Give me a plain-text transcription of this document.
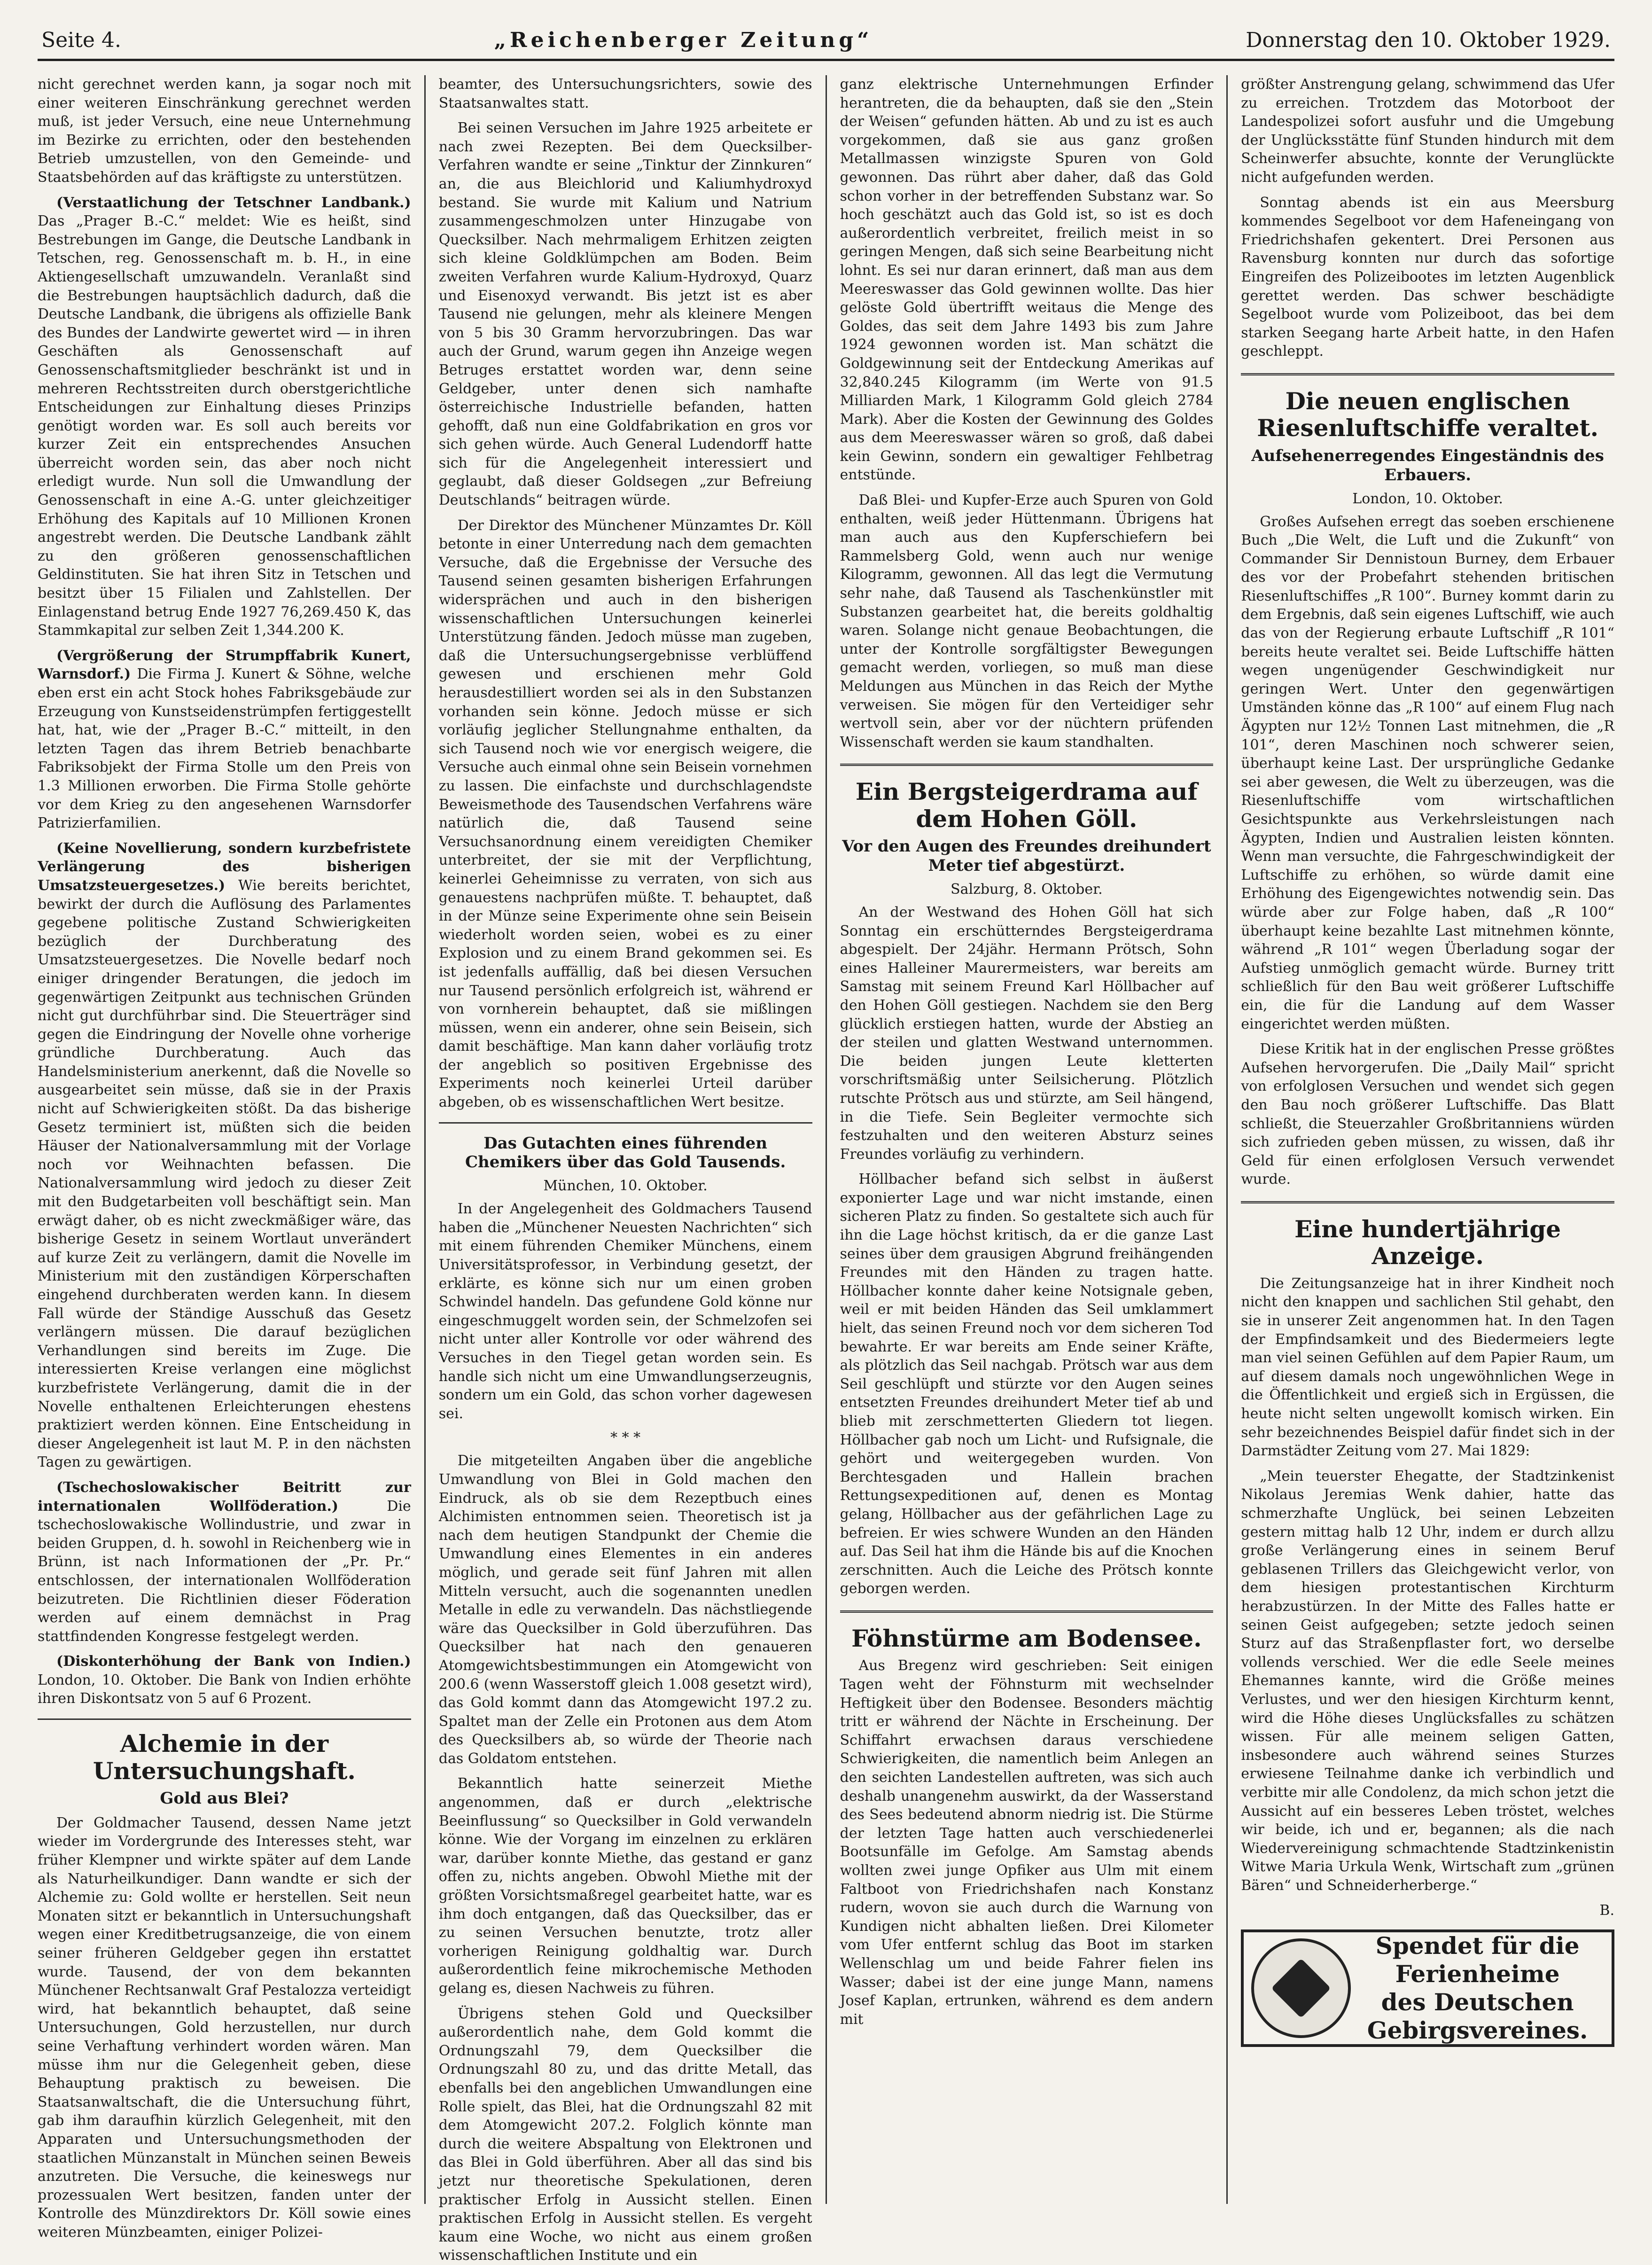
Seite 4.	„Reichenberger Zeitung“	Donnerstag den 10. Oktober 1929.

nicht gerechnet werden kann, ja sogar noch mit einer weiteren Einschränkung gerechnet werden muß, ist jeder Versuch, eine neue Unternehmung im Bezirke zu errichten, oder den bestehenden Betrieb umzustellen, von den Gemeinde- und Staatsbehörden auf das kräftigste zu unterstützen.

(Verstaatlichung der Tetschner Landbank.) Das „Prager B.-C.“ meldet: Wie es heißt, sind Bestrebungen im Gange, die Deutsche Landbank in Tetschen, reg. Genossenschaft m. b. H., in eine Aktiengesellschaft umzuwandeln. Veranlaßt sind die Bestrebungen hauptsächlich dadurch, daß die Deutsche Landbank, die übrigens als offizielle Bank des Bundes der Landwirte gewertet wird — in ihren Geschäften als Genossenschaft auf Genossenschaftsmitglieder beschränkt ist und in mehreren Rechtsstreiten durch oberstgerichtliche Entscheidungen zur Einhaltung dieses Prinzips genötigt worden war. Es soll auch bereits vor kurzer Zeit ein entsprechendes Ansuchen überreicht worden sein, das aber noch nicht erledigt wurde. Nun soll die Umwandlung der Genossenschaft in eine A.-G. unter gleichzeitiger Erhöhung des Kapitals auf 10 Millionen Kronen angestrebt werden. Die Deutsche Landbank zählt zu den größeren genossenschaftlichen Geldinstituten. Sie hat ihren Sitz in Tetschen und besitzt über 15 Filialen und Zahlstellen. Der Einlagenstand betrug Ende 1927 76,269.450 K, das Stammkapital zur selben Zeit 1,344.200 K.

(Vergrößerung der Strumpffabrik Kunert, Warnsdorf.) Die Firma J. Kunert & Söhne, welche eben erst ein acht Stock hohes Fabriksgebäude zur Erzeugung von Kunstseidenstrümpfen fertiggestellt hat, hat, wie der „Prager B.-C.“ mitteilt, in den letzten Tagen das ihrem Betrieb benachbarte Fabriksobjekt der Firma Stolle um den Preis von 1.3 Millionen erworben. Die Firma Stolle gehörte vor dem Krieg zu den angesehenen Warnsdorfer Patrizierfamilien.

(Keine Novellierung, sondern kurzbefristete Verlängerung des bisherigen Umsatzsteuergesetzes.) Wie bereits berichtet, bewirkt der durch die Auflösung des Parlamentes gegebene politische Zustand Schwierigkeiten bezüglich der Durchberatung des Umsatzsteuergesetzes. Die Novelle bedarf noch einiger dringender Beratungen, die jedoch im gegenwärtigen Zeitpunkt aus technischen Gründen nicht gut durchführbar sind. Die Steuerträger sind gegen die Eindringung der Novelle ohne vorherige gründliche Durchberatung. Auch das Handelsministerium anerkennt, daß die Novelle so ausgearbeitet sein müsse, daß sie in der Praxis nicht auf Schwierigkeiten stößt. Da das bisherige Gesetz terminiert ist, müßten sich die beiden Häuser der Nationalversammlung mit der Vorlage noch vor Weihnachten befassen. Die Nationalversammlung wird jedoch zu dieser Zeit mit den Budgetarbeiten voll beschäftigt sein. Man erwägt daher, ob es nicht zweckmäßiger wäre, das bisherige Gesetz in seinem Wortlaut unverändert auf kurze Zeit zu verlängern, damit die Novelle im Ministerium mit den zuständigen Körperschaften eingehend durchberaten werden kann. In diesem Fall würde der Ständige Ausschuß das Gesetz verlängern müssen. Die darauf bezüglichen Verhandlungen sind bereits im Zuge. Die interessierten Kreise verlangen eine möglichst kurzbefristete Verlängerung, damit die in der Novelle enthaltenen Erleichterungen ehestens praktiziert werden können. Eine Entscheidung in dieser Angelegenheit ist laut M. P. in den nächsten Tagen zu gewärtigen.

(Tschechoslowakischer Beitritt zur internationalen Wollföderation.)	Die tschechoslowakische Wollindustrie, und zwar in beiden Gruppen, d. h. sowohl in Reichenberg wie in Brünn, ist nach Informationen der „Pr. Pr.“ entschlossen, der internationalen Wollföderation beizutreten. Die Richtlinien dieser Föderation werden auf einem demnächst in Prag stattfindenden Kongresse festgelegt werden.

(Diskonterhöhung der Bank von Indien.) London, 10. Oktober. Die Bank von Indien erhöhte ihren Diskontsatz von 5 auf 6 Prozent.

Alchemie in der Untersuchungshaft.
Gold aus Blei?

Der Goldmacher Tausend, dessen Name jetzt wieder im Vordergrunde des Interesses steht, war früher Klempner und wirkte später auf dem Lande als Naturheilkundiger. Dann wandte er sich der Alchemie zu: Gold wollte er herstellen. Seit neun Monaten sitzt er bekanntlich in Untersuchungshaft wegen einer Kreditbetrugsanzeige, die von einem seiner früheren Geldgeber gegen ihn erstattet wurde. Tausend, der von dem bekannten Münchener Rechtsanwalt Graf Pestalozza verteidigt wird, hat bekanntlich behauptet, daß seine Untersuchungen, Gold herzustellen, nur durch seine Verhaftung verhindert worden wären. Man müsse ihm nur die Gelegenheit geben, diese Behauptung praktisch zu beweisen. Die Staatsanwaltschaft, die die Untersuchung führt, gab ihm daraufhin kürzlich Gelegenheit, mit den Apparaten und Untersuchungsmethoden der staatlichen Münzanstalt in München seinen Beweis anzutreten. Die Versuche, die keineswegs nur prozessualen Wert besitzen, fanden unter der Kontrolle des Münzdirektors Dr. Köll sowie eines weiteren Münzbeamten, einiger Polizei-

beamter, des Untersuchungsrichters, sowie des Staatsanwaltes statt.

Bei seinen Versuchen im Jahre 1925 arbeitete er nach zwei Rezepten. Bei dem Quecksilber-Verfahren wandte er seine „Tinktur der Zinnkuren“ an, die aus Bleichlorid und Kaliumhydroxyd bestand. Sie wurde mit Kalium und Natrium zusammengeschmolzen unter Hinzugabe von Quecksilber. Nach mehrmaligem Erhitzen zeigten sich kleine Goldklümpchen am Boden. Beim zweiten Verfahren wurde Kalium-Hydroxyd, Quarz und Eisenoxyd verwandt. Bis jetzt ist es aber Tausend nie gelungen, mehr als kleinere Mengen von 5 bis 30 Gramm hervorzubringen. Das war auch der Grund, warum gegen ihn Anzeige wegen Betruges erstattet worden war, denn seine Geldgeber, unter denen sich namhafte österreichische Industrielle befanden, hatten gehofft, daß nun eine Goldfabrikation en gros vor sich gehen würde. Auch General Ludendorff hatte sich für die Angelegenheit interessiert und geglaubt, daß dieser Goldsegen „zur Befreiung Deutschlands“ beitragen würde.

Der Direktor des Münchener Münzamtes Dr. Köll betonte in einer Unterredung nach dem gemachten Versuche, daß die Ergebnisse der Versuche des Tausend seinen gesamten bisherigen Erfahrungen widersprächen und auch in den bisherigen wissenschaftlichen Untersuchungen keinerlei Unterstützung fänden. Jedoch müsse man zugeben, daß die Untersuchungsergebnisse verblüffend gewesen und erschienen mehr Gold herausdestilliert worden sei als in den Substanzen vorhanden sein könne. Jedoch müsse er sich vorläufig jeglicher Stellungnahme enthalten, da sich Tausend noch wie vor energisch weigere, die Versuche auch einmal ohne sein Beisein vornehmen zu lassen. Die einfachste und durchschlagendste Beweismethode des Tausendschen Verfahrens wäre natürlich die, daß Tausend seine Versuchsanordnung einem vereidigten Chemiker unterbreitet, der sie mit der Verpflichtung, keinerlei Geheimnisse zu verraten, von sich aus genauestens nachprüfen müßte. T. behauptet, daß in der Münze seine Experimente ohne sein Beisein wiederholt worden seien, wobei es zu einer Explosion und zu einem Brand gekommen sei. Es ist jedenfalls auffällig, daß bei diesen Versuchen nur Tausend persönlich erfolgreich ist, während er von vornherein behauptet, daß sie mißlingen müssen, wenn ein anderer, ohne sein Beisein, sich damit beschäftige. Man kann daher vorläufig trotz der angeblich so positiven Ergebnisse des Experiments noch keinerlei Urteil darüber abgeben, ob es wissenschaftlichen Wert besitze.

Das Gutachten eines führenden Chemikers über das Gold Tausends.
München, 10. Oktober.

In der Angelegenheit des Goldmachers Tausend haben die „Münchener Neuesten Nachrichten“ sich mit einem führenden Chemiker Münchens, einem Universitätsprofessor, in Verbindung gesetzt, der erklärte, es könne sich nur um einen groben Schwindel handeln. Das gefundene Gold könne nur eingeschmuggelt worden sein, der Schmelzofen sei nicht unter aller Kontrolle vor oder während des Versuches in den Tiegel getan worden sein. Es handle sich nicht um eine Umwandlungserzeugnis, sondern um ein Gold, das schon vorher dagewesen sei.

* * *

Die mitgeteilten Angaben über die angebliche Umwandlung von Blei in Gold machen den Eindruck, als ob sie dem Rezeptbuch eines Alchimisten entnommen seien. Theoretisch ist ja nach dem heutigen Standpunkt der Chemie die Umwandlung eines Elementes in ein anderes möglich, und gerade seit fünf Jahren mit allen Mitteln versucht, auch die sogenannten unedlen Metalle in edle zu verwandeln. Das nächstliegende wäre das Quecksilber in Gold überzuführen. Das Quecksilber hat nach den genaueren Atomgewichtsbestimmungen ein Atomgewicht von 200.6 (wenn Wasserstoff gleich 1.008 gesetzt wird), das Gold kommt dann das Atomgewicht 197.2 zu. Spaltet man der Zelle ein Protonen aus dem Atom des Quecksilbers ab, so würde der Theorie nach das Goldatom entstehen.

Bekanntlich hatte seinerzeit Miethe angenommen, daß er durch „elektrische Beeinflussung“ so Quecksilber in Gold verwandeln könne. Wie der Vorgang im einzelnen zu erklären war, darüber konnte Miethe, das gestand er ganz offen zu, nichts angeben. Obwohl Miethe mit der größten Vorsichtsmaßregel gearbeitet hatte, war es ihm doch entgangen, daß das Quecksilber, das er zu seinen Versuchen benutzte, trotz aller vorherigen Reinigung goldhaltig war. Durch außerordentlich feine mikrochemische Methoden gelang es, diesen Nachweis zu führen.

Übrigens stehen Gold und Quecksilber außerordentlich nahe, dem Gold kommt die Ordnungszahl 79, dem Quecksilber die Ordnungszahl 80 zu, und das dritte Metall, das ebenfalls bei den angeblichen Umwandlungen eine Rolle spielt, das Blei, hat die Ordnungszahl 82 mit dem Atomgewicht 207.2. Folglich könnte man durch die weitere Abspaltung von Elektronen und das Blei in Gold überführen. Aber all das sind bis jetzt nur theoretische Spekulationen, deren praktischer Erfolg in Aussicht stellen. Einen praktischen Erfolg in Aussicht stellen. Es vergeht kaum eine Woche, wo nicht aus einem großen wissenschaftlichen Institute und ein

ganz elektrische Unternehmungen Erfinder herantreten, die da behaupten, daß sie den „Stein der Weisen“ gefunden hätten. Ab und zu ist es auch vorgekommen, daß sie aus ganz großen Metallmassen winzigste Spuren von Gold gewonnen. Das rührt aber daher, daß das Gold schon vorher in der betreffenden Substanz war. So hoch geschätzt auch das Gold ist, so ist es doch außerordentlich verbreitet, freilich meist in so geringen Mengen, daß sich seine Bearbeitung nicht lohnt. Es sei nur daran erinnert, daß man aus dem Meereswasser das Gold gewinnen wollte. Das hier gelöste Gold übertrifft weitaus die Menge des Goldes, das seit dem Jahre 1493 bis zum Jahre 1924 gewonnen worden ist. Man schätzt die Goldgewinnung seit der Entdeckung Amerikas auf 32,840.245 Kilogramm (im Werte von 91.5 Milliarden Mark, 1 Kilogramm Gold gleich 2784 Mark). Aber die Kosten der Gewinnung des Goldes aus dem Meereswasser wären so groß, daß dabei kein Gewinn, sondern ein gewaltiger Fehlbetrag entstünde.

Daß Blei- und Kupfer-Erze auch Spuren von Gold enthalten, weiß jeder Hüttenmann. Übrigens hat man auch aus den Kupferschiefern bei Rammelsberg Gold, wenn auch nur wenige Kilogramm, gewonnen. All das legt die Vermutung sehr nahe, daß Tausend als Taschenkünstler mit Substanzen gearbeitet hat, die bereits goldhaltig waren. Solange nicht genaue Beobachtungen, die unter der Kontrolle sorgfältigster Bewegungen gemacht werden, vorliegen, so muß man diese Meldungen aus München in das Reich der Mythe verweisen. Sie mögen für den Verteidiger sehr wertvoll sein, aber vor der nüchtern prüfenden Wissenschaft werden sie kaum standhalten.

Ein Bergsteigerdrama auf dem Hohen Göll.
Vor den Augen des Freundes dreihundert Meter tief abgestürzt.
Salzburg, 8. Oktober.

An der Westwand des Hohen Göll hat sich Sonntag ein erschütterndes Bergsteigerdrama abgespielt. Der 24jähr. Hermann Prötsch, Sohn eines Halleiner Maurermeisters, war bereits am Samstag mit seinem Freund Karl Höllbacher auf den Hohen Göll gestiegen. Nachdem sie den Berg glücklich erstiegen hatten, wurde der Abstieg an der steilen und glatten Westwand unternommen. Die beiden jungen Leute kletterten vorschriftsmäßig unter Seilsicherung. Plötzlich rutschte Prötsch aus und stürzte, am Seil hängend, in die Tiefe. Sein Begleiter vermochte sich festzuhalten und den weiteren Absturz seines Freundes vorläufig zu verhindern.

Höllbacher befand sich selbst in äußerst exponierter Lage und war nicht imstande, einen sicheren Platz zu finden. So gestaltete sich auch für ihn die Lage höchst kritisch, da er die ganze Last seines über dem grausigen Abgrund freihängenden Freundes mit den Händen zu tragen hatte. Höllbacher konnte daher keine Notsignale geben, weil er mit beiden Händen das Seil umklammert hielt, das seinen Freund noch vor dem sicheren Tod bewahrte. Er war bereits am Ende seiner Kräfte, als plötzlich das Seil nachgab. Prötsch war aus dem Seil geschlüpft und stürzte vor den Augen seines entsetzten Freundes dreihundert Meter tief ab und blieb mit zerschmetterten Gliedern tot liegen. Höllbacher gab noch um Licht- und Rufsignale, die gehört und weitergegeben wurden. Von Berchtesgaden und Hallein brachen Rettungsexpeditionen auf, denen es Montag gelang, Höllbacher aus der gefährlichen Lage zu befreien. Er wies schwere Wunden an den Händen auf. Das Seil hat ihm die Hände bis auf die Knochen zerschnitten. Auch die Leiche des Prötsch konnte geborgen werden.

Föhnstürme am Bodensee.

Aus Bregenz wird geschrieben: Seit einigen Tagen weht der Föhnsturm mit wechselnder Heftigkeit über den Bodensee. Besonders mächtig tritt er während der Nächte in Erscheinung. Der Schiffahrt erwachsen daraus verschiedene Schwierigkeiten, die namentlich beim Anlegen an den seichten Landestellen auftreten, was sich auch deshalb unangenehm auswirkt, da der Wasserstand des Sees bedeutend abnorm niedrig ist. Die Stürme der letzten Tage hatten auch verschiedenerlei Bootsunfälle im Gefolge. Am Samstag abends wollten zwei junge Opfiker aus Ulm mit einem Faltboot von Friedrichshafen nach Konstanz rudern, wovon sie auch durch die Warnung von Kundigen nicht abhalten ließen. Drei Kilometer vom Ufer entfernt schlug das Boot im starken Wellenschlag um und beide Fahrer fielen ins Wasser; dabei ist der eine junge Mann, namens Josef Kaplan, ertrunken, während es dem andern mit

größter Anstrengung gelang, schwimmend das Ufer zu erreichen. Trotzdem das Motorboot der Landespolizei sofort ausfuhr und die Umgebung der Unglücksstätte fünf Stunden hindurch mit dem Scheinwerfer absuchte, konnte der Verunglückte nicht aufgefunden werden.

Sonntag abends ist ein aus Meersburg kommendes Segelboot vor dem Hafeneingang von Friedrichshafen gekentert. Drei Personen aus Ravensburg konnten nur durch das sofortige Eingreifen des Polizeibootes im letzten Augenblick gerettet werden. Das schwer beschädigte Segelboot wurde vom Polizeiboot, das bei dem starken Seegang harte Arbeit hatte, in den Hafen geschleppt.

Die neuen englischen Riesenluftschiffe veraltet.
Aufsehenerregendes Eingeständnis des Erbauers.
London, 10. Oktober.

Großes Aufsehen erregt das soeben erschienene Buch „Die Welt, die Luft und die Zukunft“ von Commander Sir Dennistoun Burney, dem Erbauer des vor der Probefahrt stehenden britischen Riesenluftschiffes „R 100“. Burney kommt darin zu dem Ergebnis, daß sein eigenes Luftschiff, wie auch das von der Regierung erbaute Luftschiff „R 101“ bereits heute veraltet sei. Beide Luftschiffe hätten wegen ungenügender Geschwindigkeit nur geringen Wert. Unter den gegenwärtigen Umständen könne das „R 100“ auf einem Flug nach Ägypten nur 12½ Tonnen Last mitnehmen, die „R 101“, deren Maschinen noch schwerer seien, überhaupt keine Last. Der ursprüngliche Gedanke sei aber gewesen, die Welt zu überzeugen, was die Riesenluftschiffe vom wirtschaftlichen Gesichtspunkte aus Verkehrsleistungen nach Ägypten, Indien und Australien leisten könnten. Wenn man versuchte, die Fahrgeschwindigkeit der Luftschiffe zu erhöhen, so würde damit eine Erhöhung des Eigengewichtes notwendig sein. Das würde aber zur Folge haben, daß „R 100“ überhaupt keine bezahlte Last mitnehmen könnte, während „R 101“ wegen Überladung sogar der Aufstieg unmöglich gemacht würde. Burney tritt schließlich für den Bau weit größerer Luftschiffe ein, die für die Landung auf dem Wasser eingerichtet werden müßten.

Diese Kritik hat in der englischen Presse größtes Aufsehen hervorgerufen. Die „Daily Mail“ spricht von erfolglosen Versuchen und wendet sich gegen den Bau noch größerer Luftschiffe. Das Blatt schließt, die Steuerzahler Großbritanniens würden sich zufrieden geben müssen, zu wissen, daß ihr Geld für einen erfolglosen Versuch verwendet wurde.

Eine hundertjährige Anzeige.

Die Zeitungsanzeige hat in ihrer Kindheit noch nicht den knappen und sachlichen Stil gehabt, den sie in unserer Zeit angenommen hat. In den Tagen der Empfindsamkeit und des Biedermeiers legte man viel seinen Gefühlen auf dem Papier Raum, um auf diesem damals noch ungewöhnlichen Wege in die Öffentlichkeit und ergieß sich in Ergüssen, die heute nicht selten ungewollt komisch wirken. Ein sehr bezeichnendes Beispiel dafür findet sich in der Darmstädter Zeitung vom 27. Mai 1829:

„Mein teuerster Ehegatte, der Stadtzinkenist Nikolaus Jeremias Wenk dahier, hatte das schmerzhafte Unglück, bei seinen Lebzeiten gestern mittag halb 12 Uhr, indem er durch allzu große Verlängerung eines in seinem Beruf geblasenen Trillers das Gleichgewicht verlor, von dem hiesigen protestantischen Kirchturm herabzustürzen. In der Mitte des Falles hatte er seinen Geist aufgegeben; setzte jedoch seinen Sturz auf das Straßenpflaster fort, wo derselbe vollends verschied. Wer die edle Seele meines Ehemannes kannte, wird die Größe meines Verlustes, und wer den hiesigen Kirchturm kennt, wird die Höhe dieses Unglücksfalles zu schätzen wissen. Für alle meinem seligen Gatten, insbesondere auch während seines Sturzes erwiesene Teilnahme danke ich verbindlich und verbitte mir alle Condolenz, da mich schon jetzt die Aussicht auf ein besseres Leben tröstet, welches wir beide, ich und er, begannen; als die nach Wiedervereinigung schmachtende Stadtzinkenistin Witwe Maria Urkula Wenk, Wirtschaft zum „grünen Bären“ und Schneiderherberge.“

B.

Spendet für die
Ferienheime
des Deutschen
Gebirgsvereines.
